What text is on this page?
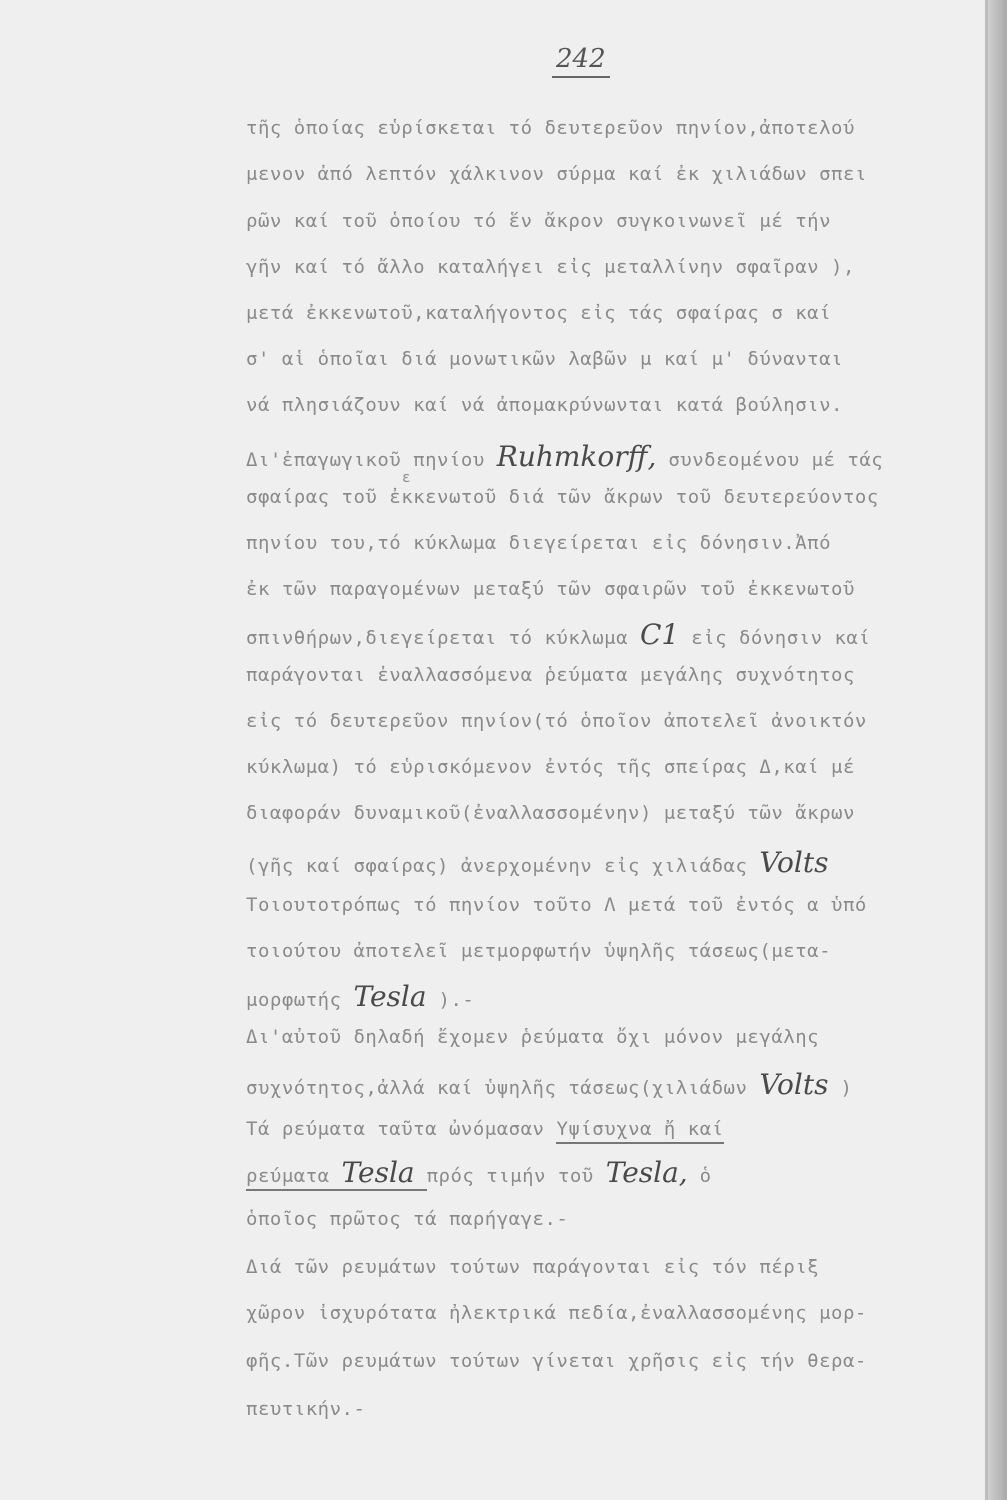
242
τῆς ὁποίας εὑρίσκεται τό δευτερεῦον πηνίον,ἀποτελού
μενον ἀπό λεπτόν χάλκινον σύρμα καί ἐκ χιλιάδων σπει
ρῶν καί τοῦ ὁποίου τό ἕν ἄκρον συγκοινωνεῖ μέ τήν
γῆν καί τό ἄλλο καταλήγει εἰς μεταλλίνην σφαῖραν ),
μετά ἐκκενωτοῦ,καταλήγοντος εἰς τάς σφαίρας σ καί
σ' αἱ ὁποῖαι διά μονωτικῶν λαβῶν μ καί μ' δύνανται
νά πλησιάζουν καί νά ἀπομακρύνωνται κατά βούλησιν.
Δι'ἐπαγωγικοῦ πηνίου Ruhmkorff, συνδεομένου μέ τάς
ε
σφαίρας τοῦ ἐκκενωτοῦ διά τῶν ἄκρων τοῦ δευτερεύοντος
πηνίου του,τό κύκλωμα διεγείρεται εἰς δόνησιν.Ἀπό
ἐκ τῶν παραγομένων μεταξύ τῶν σφαιρῶν τοῦ ἐκκενωτοῦ
σπινθήρων,διεγείρεται τό κύκλωμα C1 εἰς δόνησιν καί
παράγονται ἐναλλασσόμενα ῥεύματα μεγάλης συχνότητος
εἰς τό δευτερεῦον πηνίον(τό ὁποῖον ἀποτελεῖ ἀνοικτόν
κύκλωμα) τό εὑρισκόμενον ἐντός τῆς σπείρας Δ,καί μέ
διαφοράν δυναμικοῦ(ἐναλλασσομένην) μεταξύ τῶν ἄκρων
(γῆς καί σφαίρας) ἀνερχομένην εἰς χιλιάδας Volts
Τοιουτοτρόπως τό πηνίον τοῦτο Λ μετά τοῦ ἐντός α ὑπό
τοιούτου ἀποτελεῖ μετμορφωτήν ὑψηλῆς τάσεως(μετα-
μορφωτής Tesla ).-
Δι'αὐτοῦ δηλαδή ἔχομεν ῥεύματα ὄχι μόνον μεγάλης
συχνότητος,ἀλλά καί ὑψηλῆς τάσεως(χιλιάδων Volts )
Τά ρεύματα ταῦτα ὠνόμασαν Υψίσυχνα ἤ καί
ρεύματα Tesla πρός τιμήν τοῦ Tesla, ὁ
ὁποῖος πρῶτος τά παρήγαγε.-
Διά τῶν ρευμάτων τούτων παράγονται εἰς τόν πέριξ
χῶρον ἰσχυρότατα ἠλεκτρικά πεδία,ἐναλλασσομένης μορ-
φῆς.Τῶν ρευμάτων τούτων γίνεται χρῆσις εἰς τήν θερα-
πευτικήν.-
